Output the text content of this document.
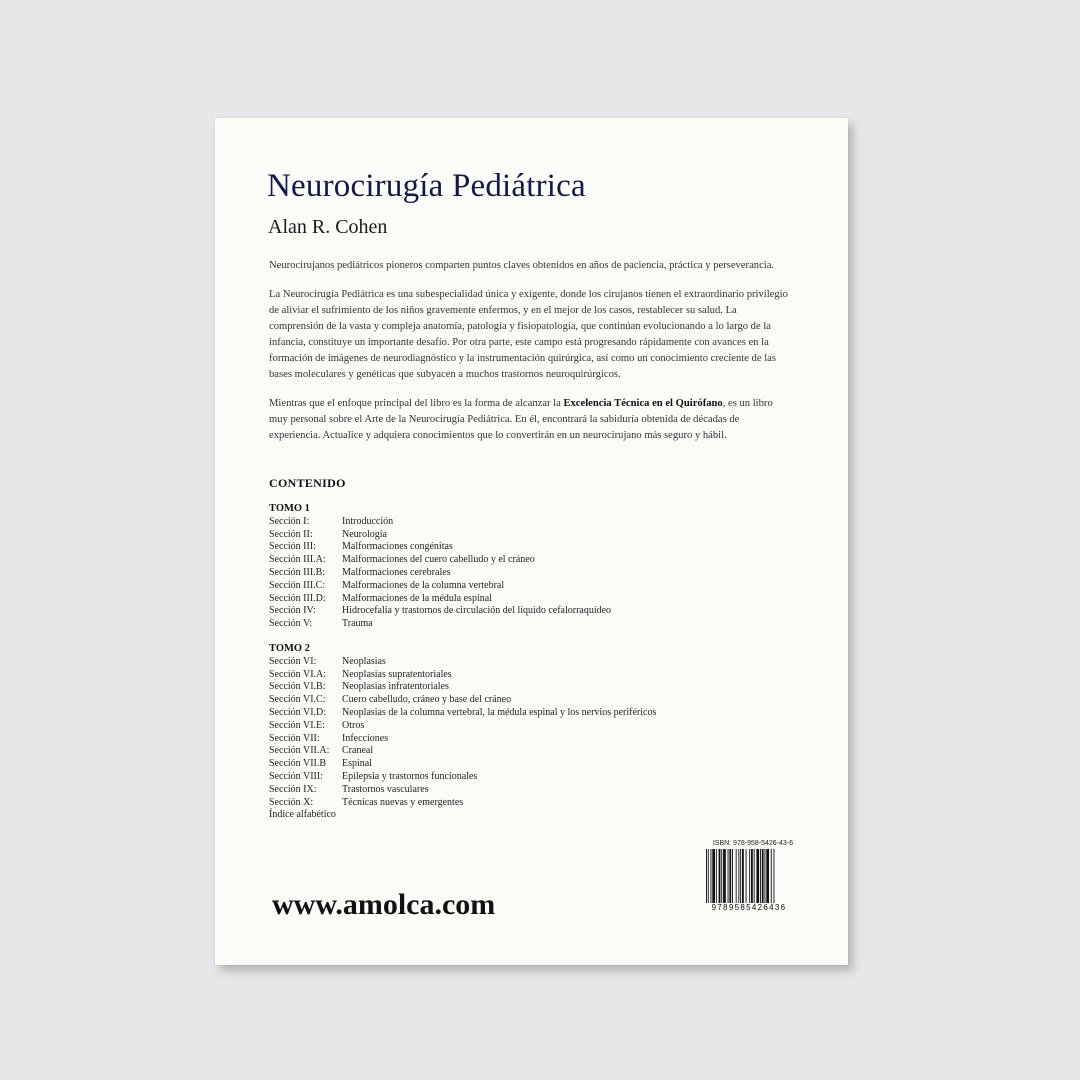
Neurocirugía Pediátrica
Alan R. Cohen

Neurocirujanos pediátricos pioneros comparten puntos claves obtenidos en años de paciencia, práctica y perseverancia.

La Neurocirugía Pediátrica es una subespecialidad única y exigente, donde los cirujanos tienen el extraordinario privilegio de aliviar el sufrimiento de los niños gravemente enfermos, y en el mejor de los casos, restablecer su salud. La comprensión de la vasta y compleja anatomía, patología y fisiopatología, que continúan evolucionando a lo largo de la infancia, constituye un importante desafío. Por otra parte, este campo está progresando rápidamente con avances en la formación de imágenes de neurodiagnóstico y la instrumentación quirúrgica, así como un conocimiento creciente de las bases moleculares y genéticas que subyacen a muchos trastornos neuroquirúrgicos.

Mientras que el enfoque principal del libro es la forma de alcanzar la Excelencia Técnica en el Quirófano, es un libro muy personal sobre el Arte de la Neurocirugía Pediátrica. En él, encontrará la sabiduría obtenida de décadas de experiencia. Actualice y adquiera conocimientos que lo convertirán en un neurocirujano más seguro y hábil.

CONTENIDO
TOMO 1
Sección I:	Introducción
Sección II:	Neurología
Sección III:	Malformaciones congénitas
Sección III.A:	Malformaciones del cuero cabelludo y el cráneo
Sección III.B:	Malformaciones cerebrales
Sección III.C:	Malformaciones de la columna vertebral
Sección III.D:	Malformaciones de la médula espinal
Sección IV:	Hidrocefalia y trastornos de circulación del líquido cefalorraquídeo
Sección V:	Trauma
TOMO 2
Sección VI:	Neoplasias
Sección VI.A:	Neoplasias supratentoriales
Sección VI.B:	Neoplasias infratentoriales
Sección VI.C:	Cuero cabelludo, cráneo y base del cráneo
Sección VI.D:	Neoplasias de la columna vertebral, la médula espinal y los nervios periféricos
Sección VI.E:	Otros
Sección VII:	Infecciones
Sección VII.A:	Craneal
Sección VII.B	Espinal
Sección VIII:	Epilepsia y trastornos funcionales
Sección IX:	Trastornos vasculares
Sección X:	Técnicas nuevas y emergentes
Índice alfabético
ISBN: 978-958-5426-43-6
9789585426436
www.amolca.com
